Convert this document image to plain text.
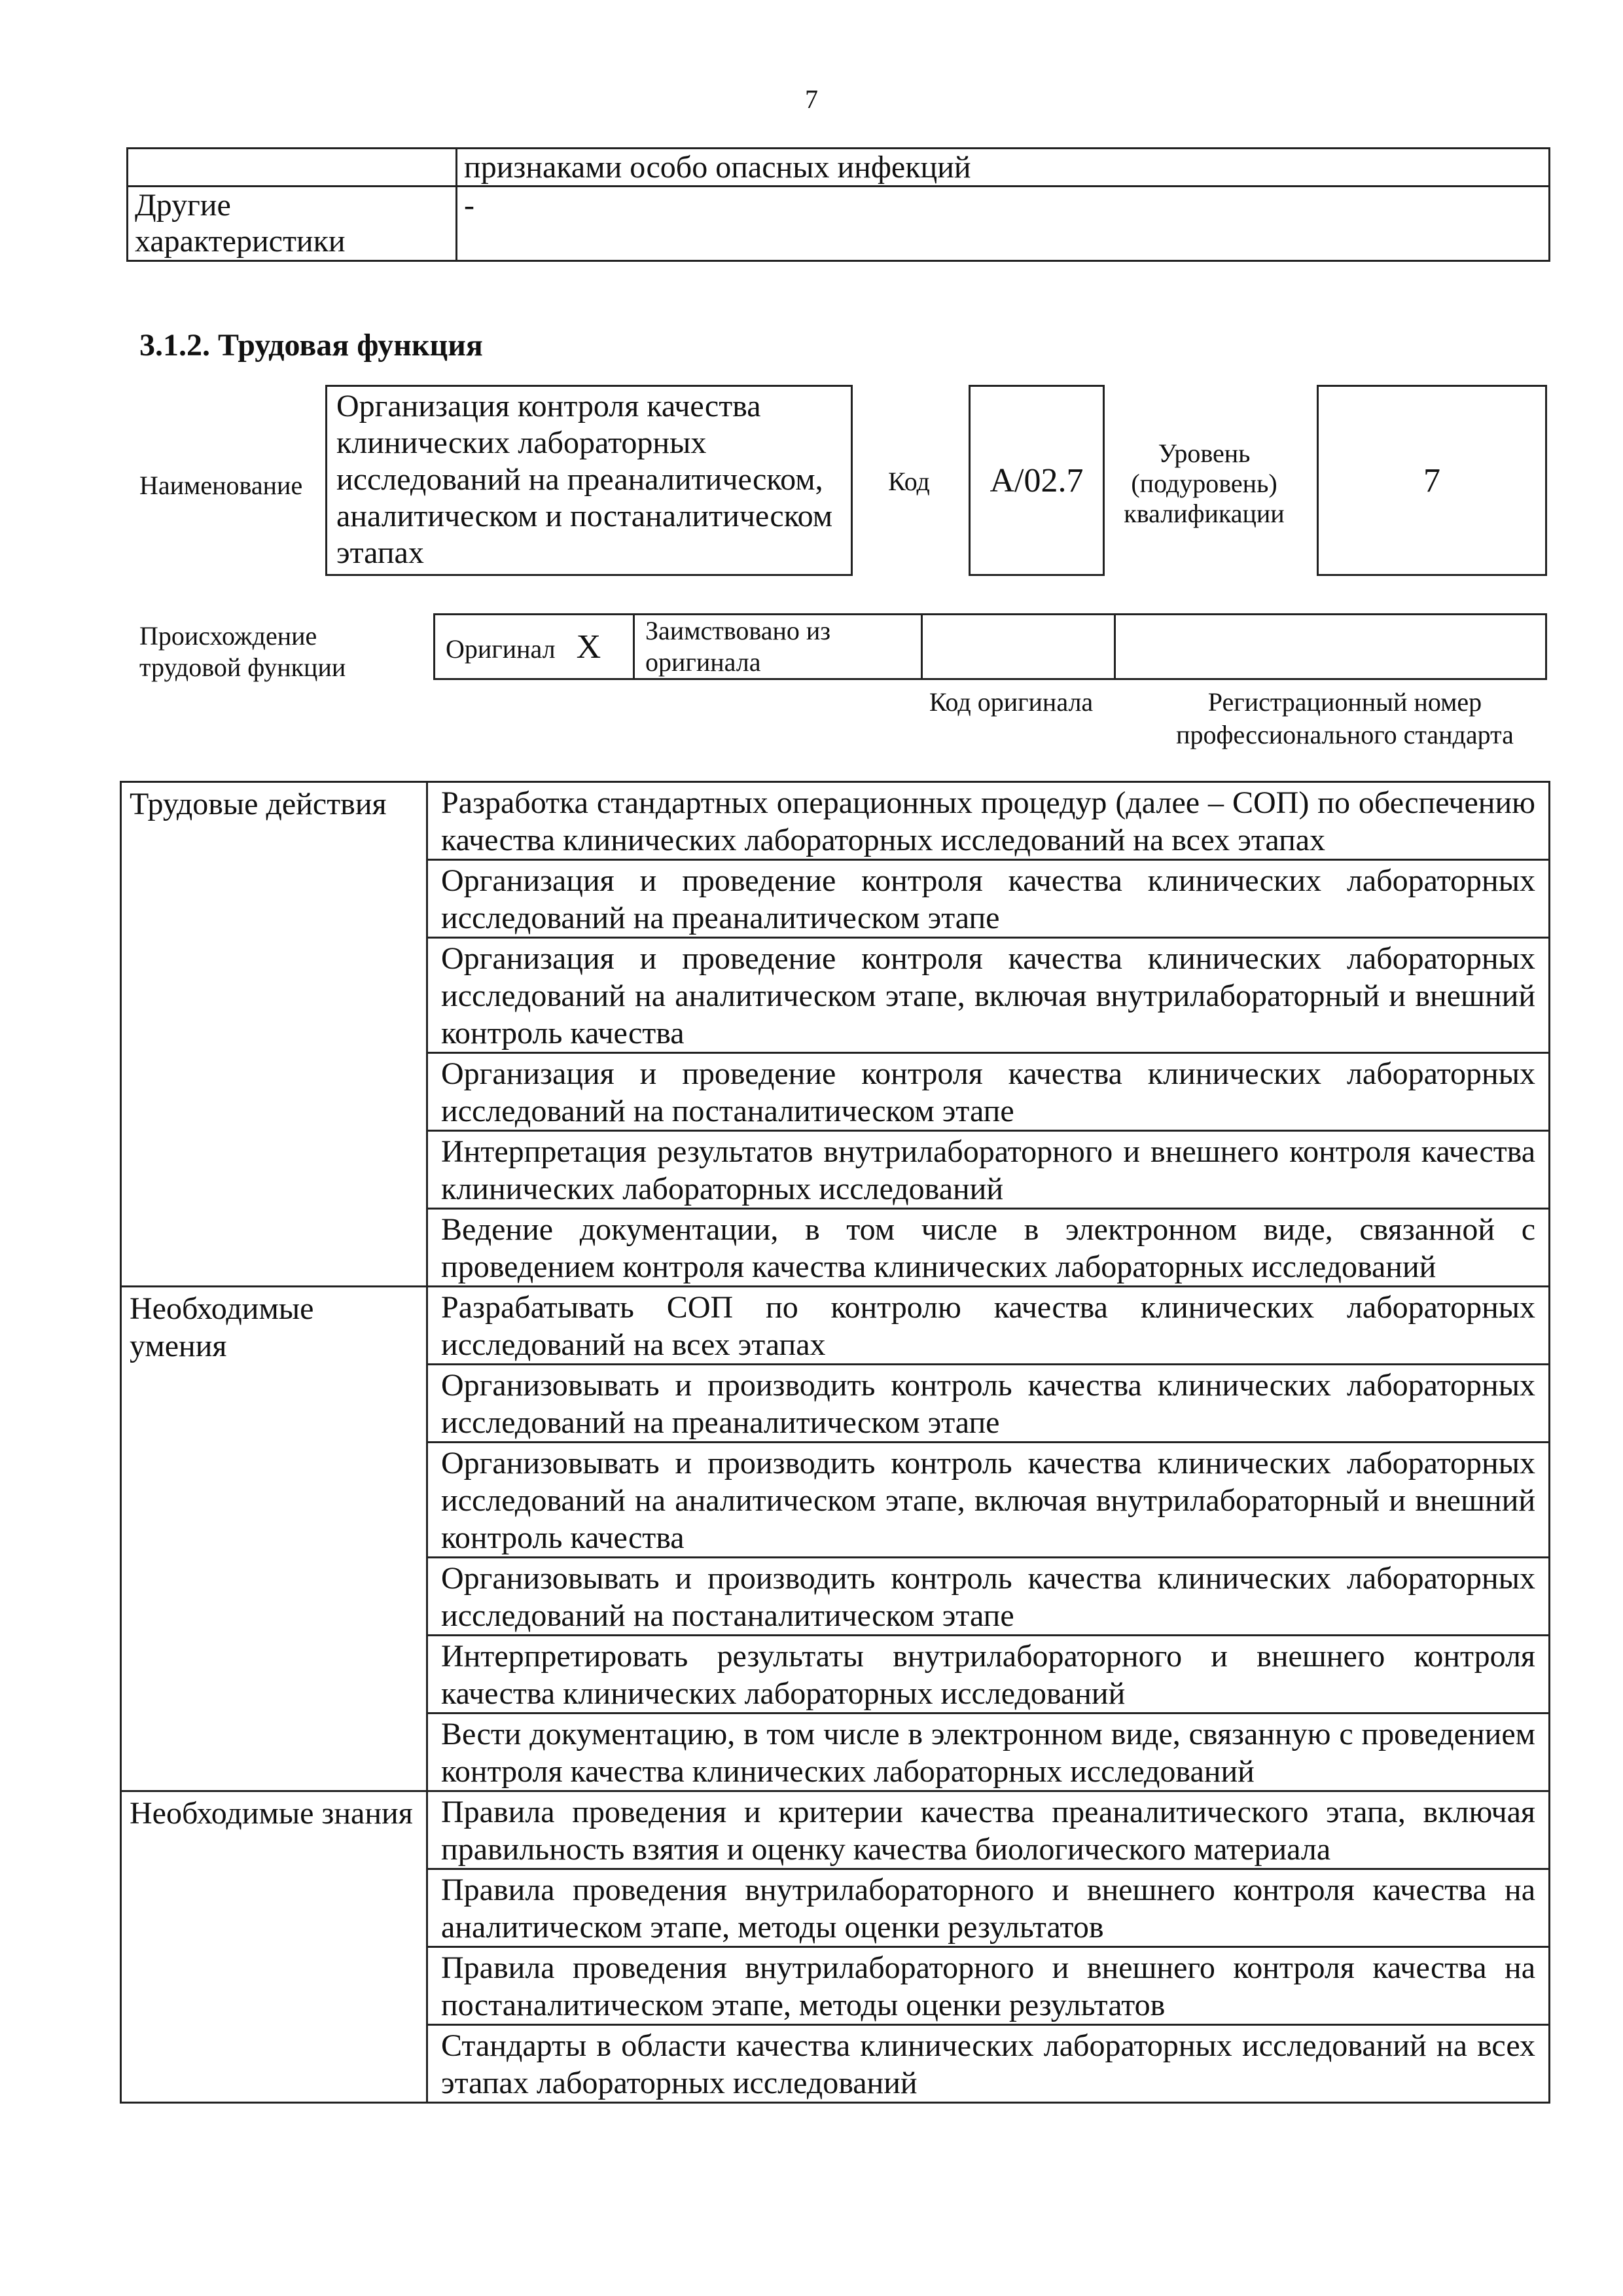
7
	признаками особо опасных инфекций
Другие характеристики	-
3.1.2. Трудовая функция
Наименование
Организация контроля качества клинических лабораторных исследований на преаналитическом, аналитическом и постаналитическом этапах
Код	A/02.7
Уровень (подуровень) квалификации
7
Происхождение трудовой функции
Оригинал X	Заимствовано из оригинала		
Код оригинала	Регистрационный номер профессионального стандарта
Трудовые действия	Разработка стандартных операционных процедур (далее – СОП) по обеспечению качества клинических лабораторных исследований на всех этапах
	Организация и проведение контроля качества клинических лабораторных исследований на преаналитическом этапе
	Организация и проведение контроля качества клинических лабораторных исследований на аналитическом этапе, включая внутрилабораторный и внешний контроль качества
	Организация и проведение контроля качества клинических лабораторных исследований на постаналитическом этапе
	Интерпретация результатов внутрилабораторного и внешнего контроля качества клинических лабораторных исследований
	Ведение документации, в том числе в электронном виде, связанной с проведением контроля качества клинических лабораторных исследований
Необходимые умения	Разрабатывать СОП по контролю качества клинических лабораторных исследований на всех этапах
	Организовывать и производить контроль качества клинических лабораторных исследований на преаналитическом этапе
	Организовывать и производить контроль качества клинических лабораторных исследований на аналитическом этапе, включая внутрилабораторный и внешний контроль качества
	Организовывать и производить контроль качества клинических лабораторных исследований на постаналитическом этапе
	Интерпретировать результаты внутрилабораторного и внешнего контроля качества клинических лабораторных исследований
	Вести документацию, в том числе в электронном виде, связанную с проведением контроля качества клинических лабораторных исследований
Необходимые знания	Правила проведения и критерии качества преаналитического этапа, включая правильность взятия и оценку качества биологического материала
	Правила проведения внутрилабораторного и внешнего контроля качества на аналитическом этапе, методы оценки результатов
	Правила проведения внутрилабораторного и внешнего контроля качества на постаналитическом этапе, методы оценки результатов
	Стандарты в области качества клинических лабораторных исследований на всех этапах лабораторных исследований
